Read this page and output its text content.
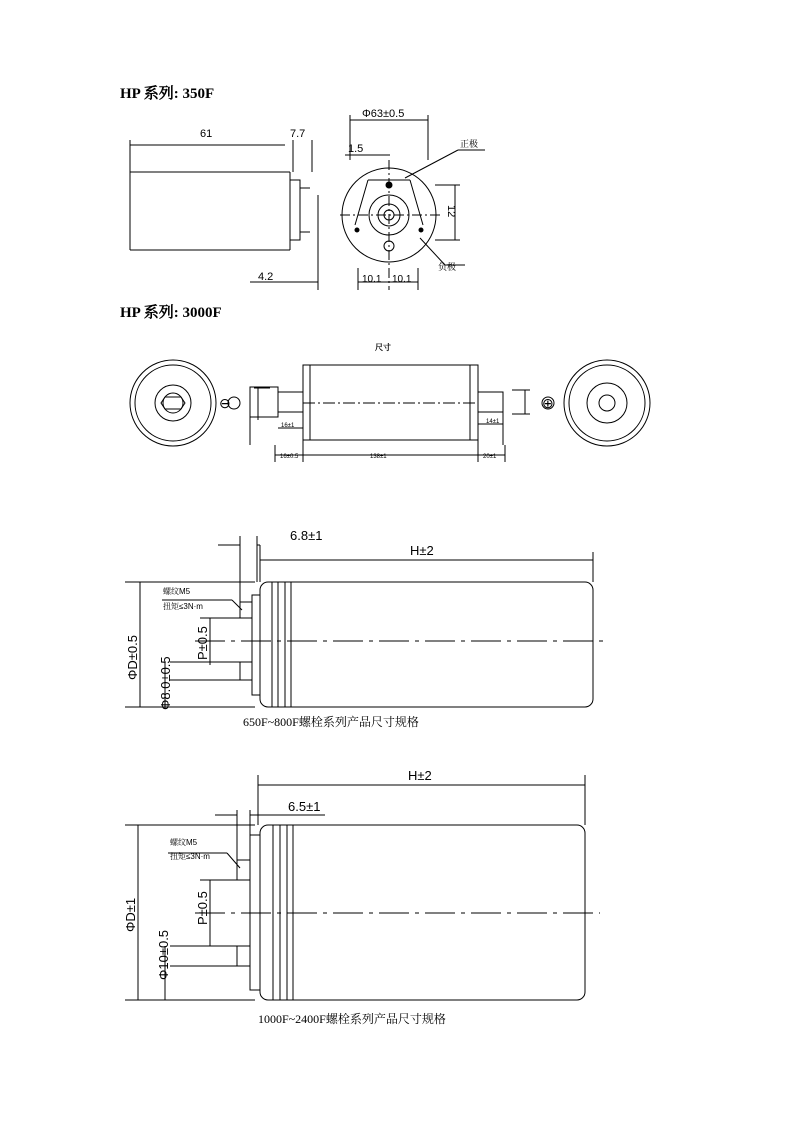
HP 系列: 350F
HP 系列: 3000F
61	7.7
4.2
Φ63±0.5
1.5	正极
负极
12
10.1 10.1
尺寸
138±1
16±0.5	20±1
16±1
14±1
⊖	⊕
6.8±1
H±2
螺纹M5
扭矩≤3N·m
P±0.5
ΦD±0.5 Φ8.0±0.5
H±2
6.5±1
螺纹M5
扭矩≤3N·m
P±0.5
ΦD±1
Φ10±0.5
650F~800F螺栓系列产品尺寸规格
1000F~2400F螺栓系列产品尺寸规格
